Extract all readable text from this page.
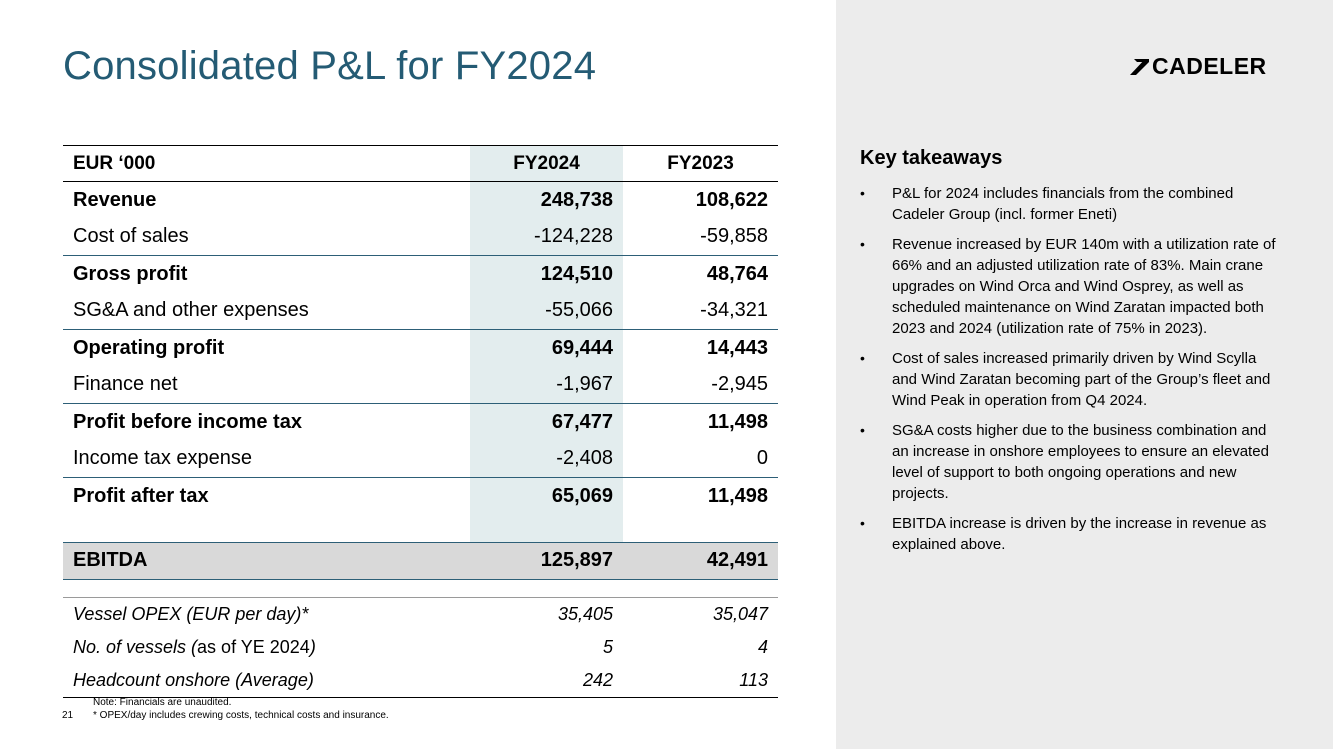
Consolidated P&L for FY2024	CADELER
EUR ‘000	FY2024	FY2023
Revenue	248,738	108,622
Cost of sales	-124,228	-59,858
Gross profit	124,510	48,764
SG&A and other expenses	-55,066	-34,321
Operating profit	69,444	14,443
Finance net	-1,967	-2,945
Profit before income tax	67,477	11,498
Income tax expense	-2,408	0
Profit after tax	65,069	11,498

EBITDA	125,897	42,491

Vessel OPEX (EUR per day)*	35,405	35,047
No. of vessels (as of YE 2024)	5	4
Headcount onshore (Average)	242	113
Note: Financials are unaudited.
* OPEX/day includes crewing costs, technical costs and insurance.
21
Key takeaways
• P&L for 2024 includes financials from the combined Cadeler Group (incl. former Eneti)
• Revenue increased by EUR 140m with a utilization rate of 66% and an adjusted utilization rate of 83%. Main crane upgrades on Wind Orca and Wind Osprey, as well as scheduled maintenance on Wind Zaratan impacted both 2023 and 2024 (utilization rate of 75% in 2023).
• Cost of sales increased primarily driven by Wind Scylla and Wind Zaratan becoming part of the Group’s fleet and Wind Peak in operation from Q4 2024.
• SG&A costs higher due to the business combination and an increase in onshore employees to ensure an elevated level of support to both ongoing operations and new projects.
• EBITDA increase is driven by the increase in revenue as explained above.
